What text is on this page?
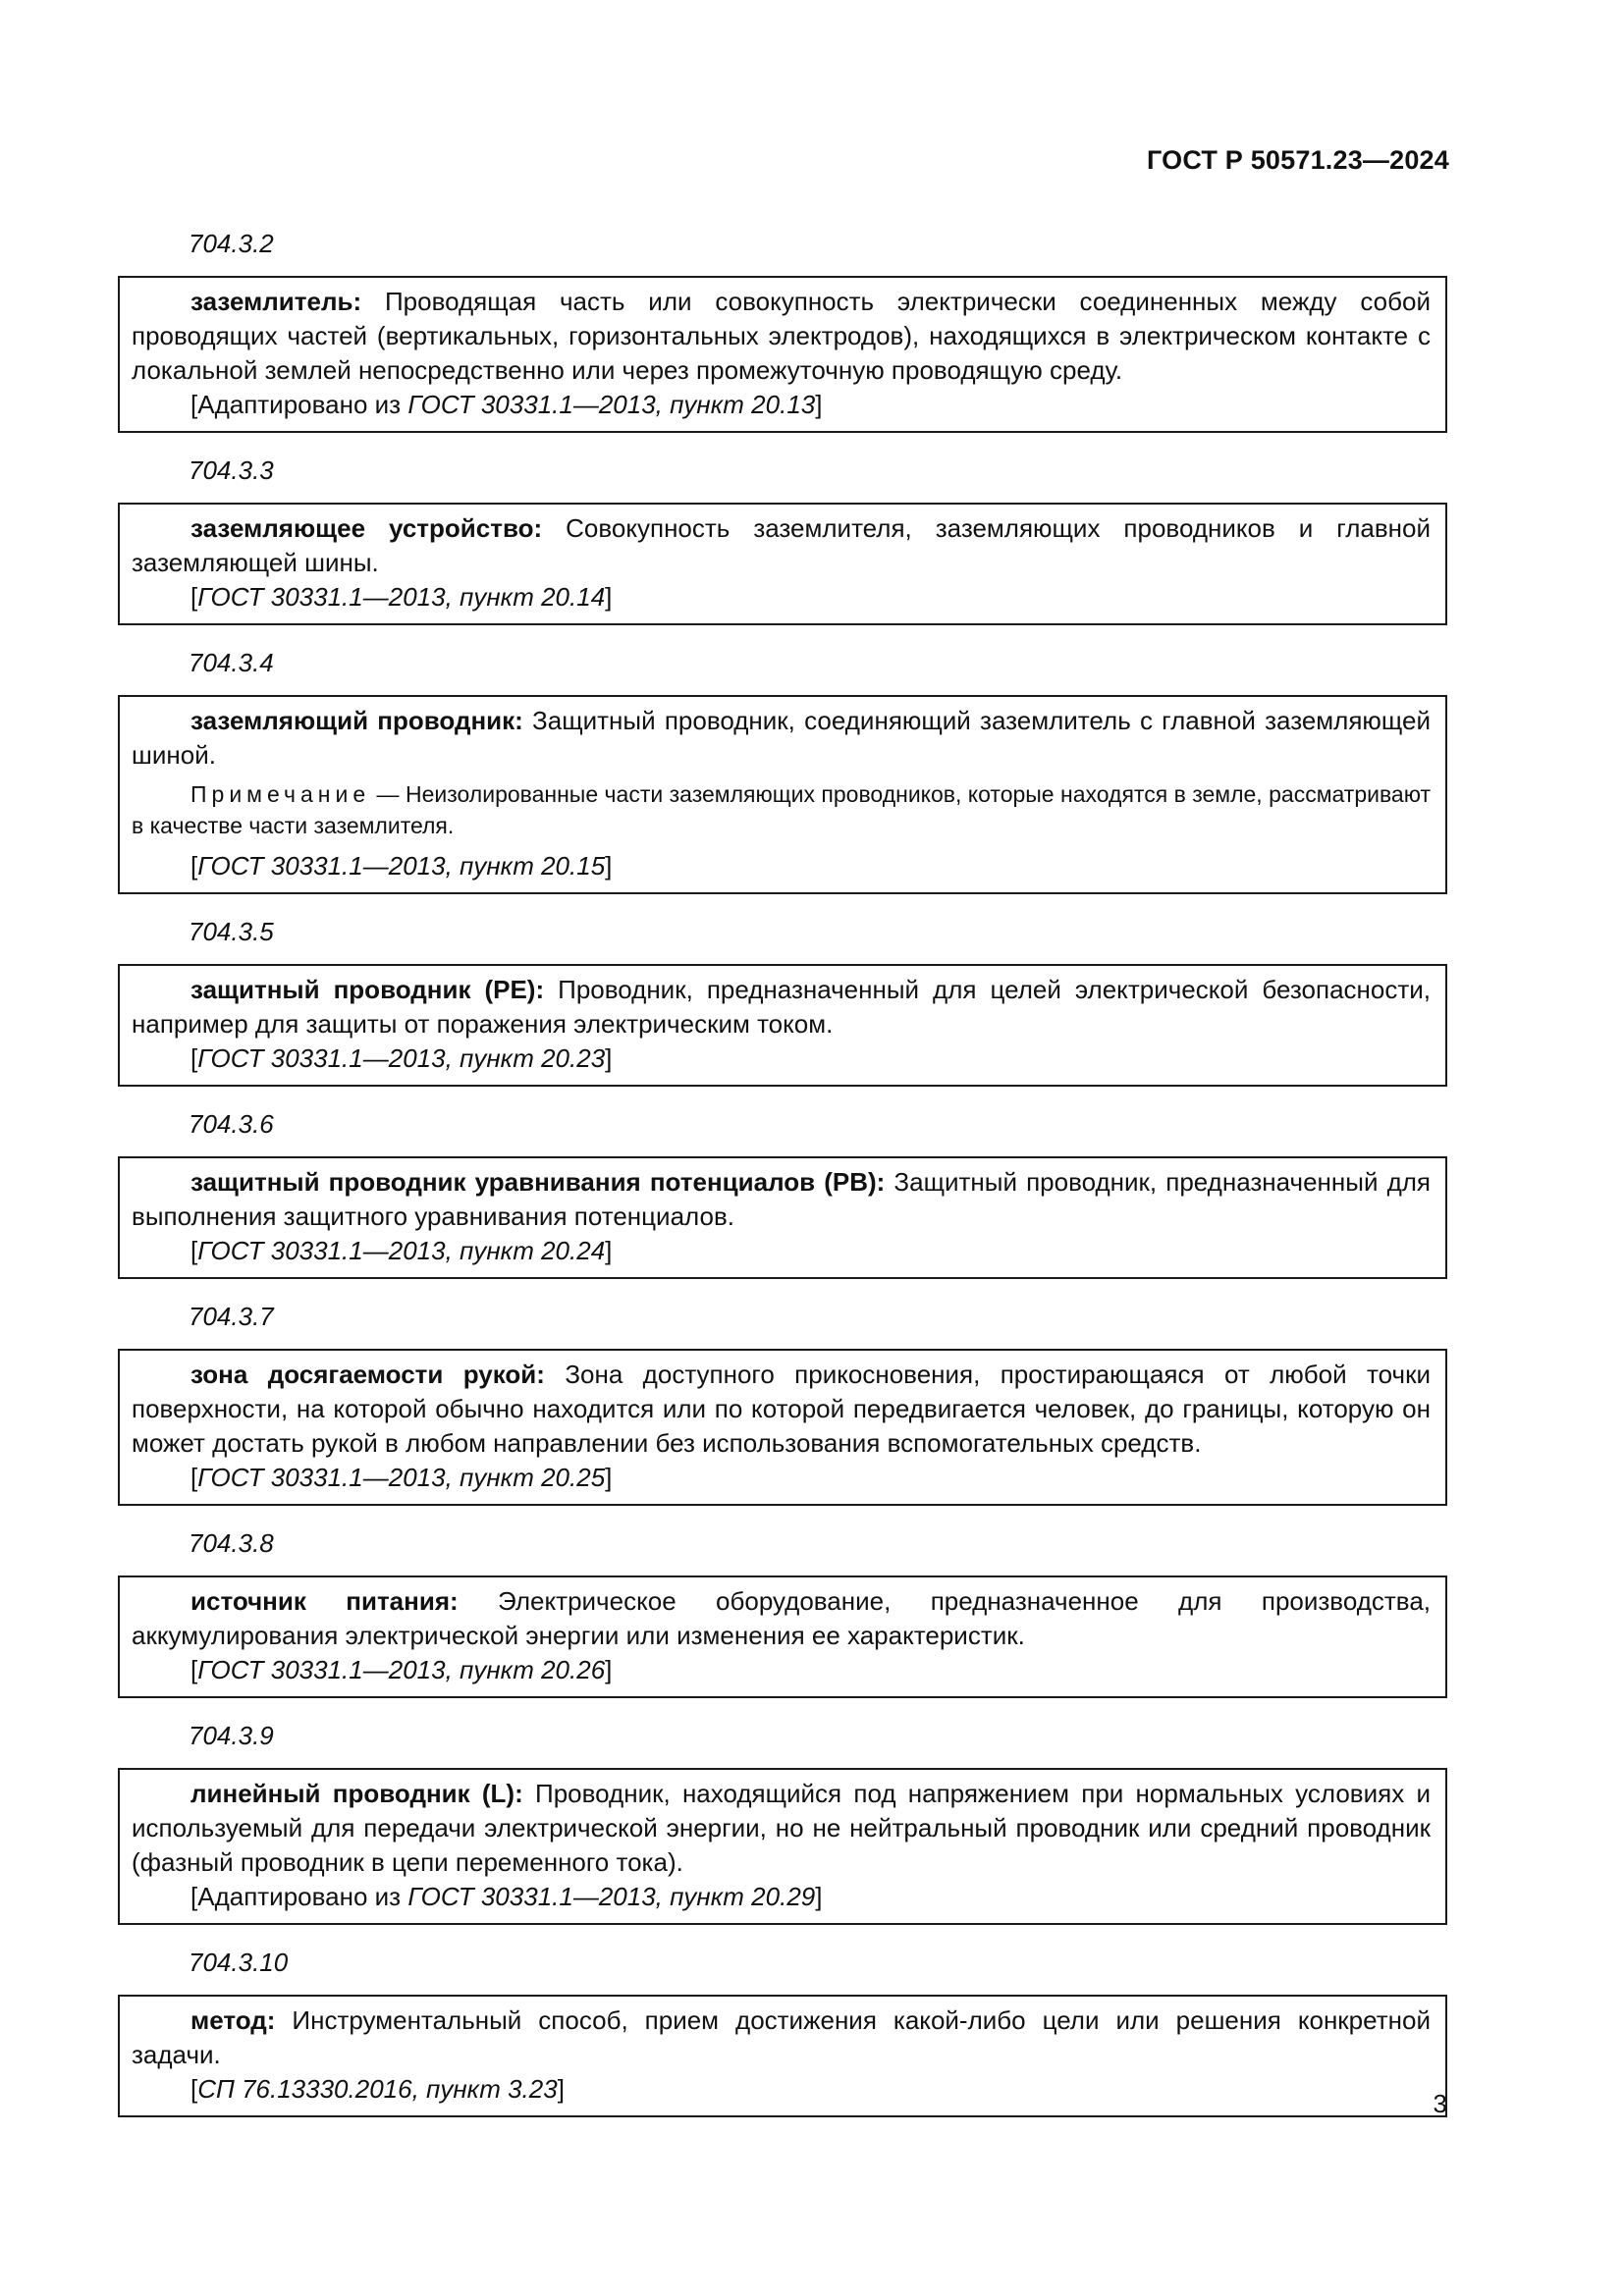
ГОСТ Р 50571.23—2024
704.3.2
заземлитель: Проводящая часть или совокупность электрически соединенных между собой проводящих частей (вертикальных, горизонтальных электродов), находящихся в электрическом контакте с локальной землей непосредственно или через промежуточную проводящую среду.
[Адаптировано из ГОСТ 30331.1—2013, пункт 20.13]
704.3.3
заземляющее устройство: Совокупность заземлителя, заземляющих проводников и главной заземляющей шины.
[ГОСТ 30331.1—2013, пункт 20.14]
704.3.4
заземляющий проводник: Защитный проводник, соединяющий заземлитель с главной заземляющей шиной.
Примечание — Неизолированные части заземляющих проводников, которые находятся в земле, рассматривают в качестве части заземлителя.
[ГОСТ 30331.1—2013, пункт 20.15]
704.3.5
защитный проводник (PE): Проводник, предназначенный для целей электрической безопасности, например для защиты от поражения электрическим током.
[ГОСТ 30331.1—2013, пункт 20.23]
704.3.6
защитный проводник уравнивания потенциалов (PB): Защитный проводник, предназначенный для выполнения защитного уравнивания потенциалов.
[ГОСТ 30331.1—2013, пункт 20.24]
704.3.7
зона досягаемости рукой: Зона доступного прикосновения, простирающаяся от любой точки поверхности, на которой обычно находится или по которой передвигается человек, до границы, которую он может достать рукой в любом направлении без использования вспомогательных средств.
[ГОСТ 30331.1—2013, пункт 20.25]
704.3.8
источник питания: Электрическое оборудование, предназначенное для производства, аккумулирования электрической энергии или изменения ее характеристик.
[ГОСТ 30331.1—2013, пункт 20.26]
704.3.9
линейный проводник (L): Проводник, находящийся под напряжением при нормальных условиях и используемый для передачи электрической энергии, но не нейтральный проводник или средний проводник (фазный проводник в цепи переменного тока).
[Адаптировано из ГОСТ 30331.1—2013, пункт 20.29]
704.3.10
метод: Инструментальный способ, прием достижения какой-либо цели или решения конкретной задачи.
[СП 76.13330.2016, пункт 3.23]	3
